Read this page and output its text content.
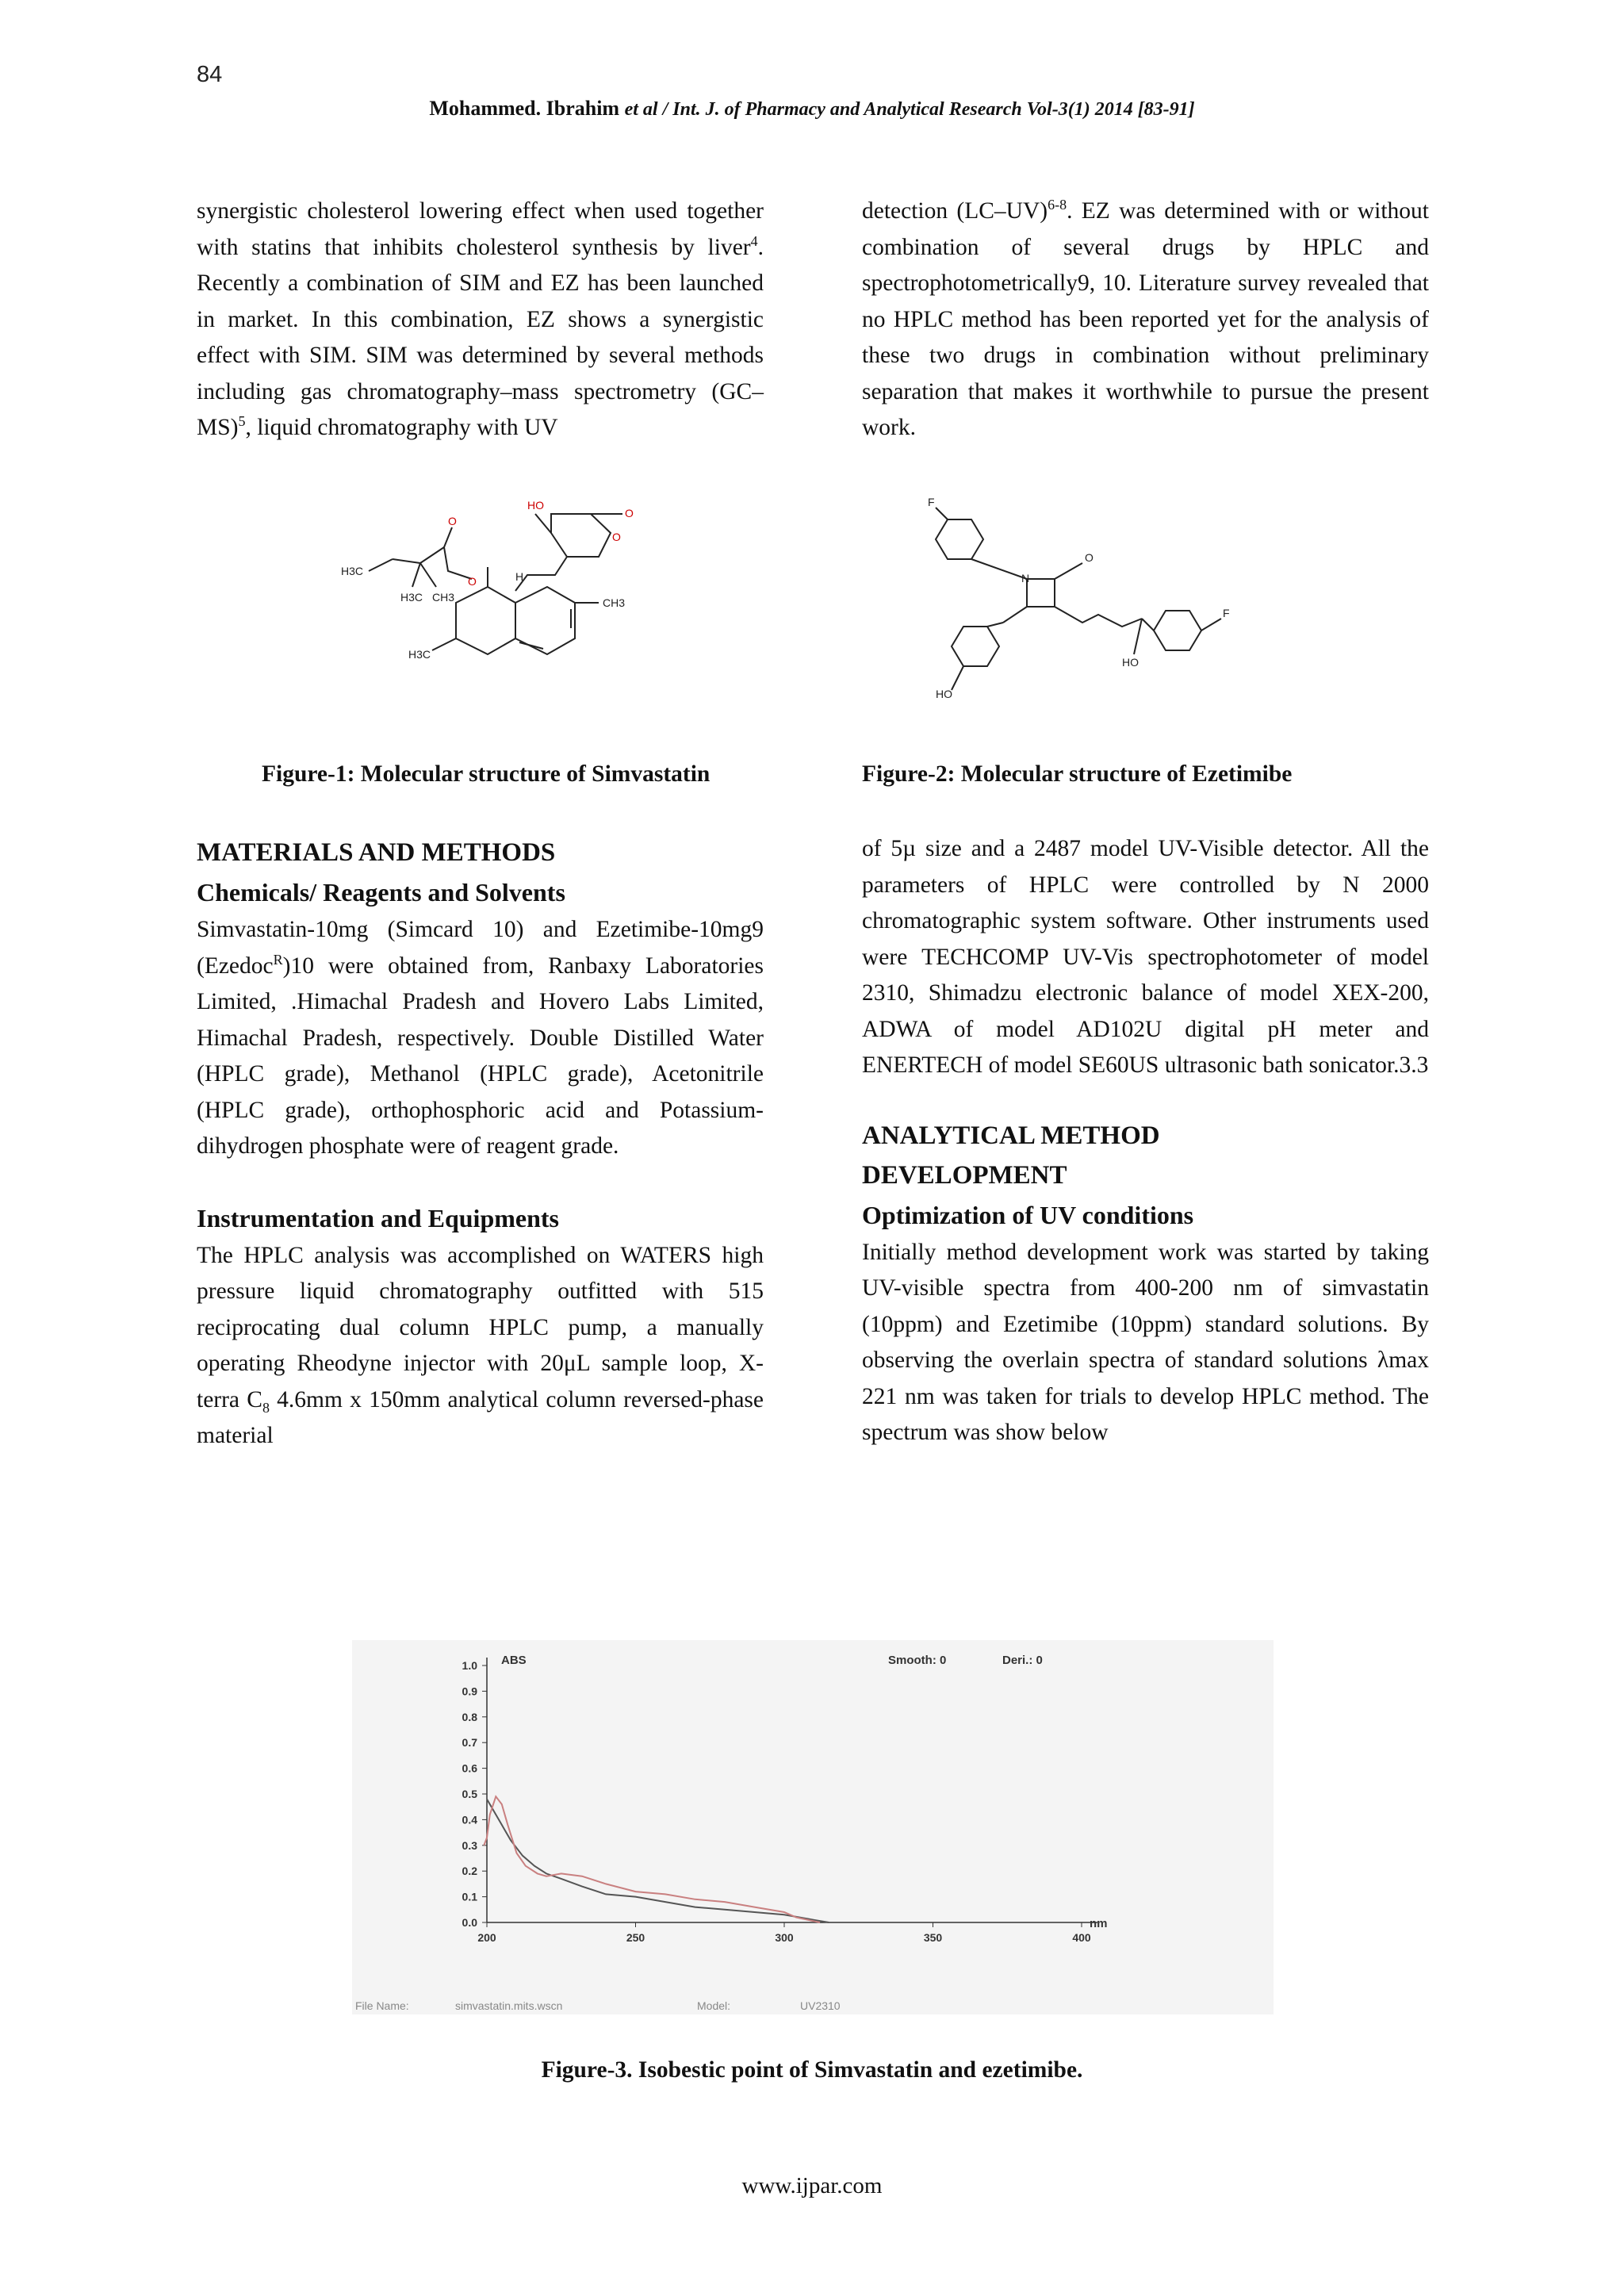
84
Mohammed. Ibrahim et al / Int. J. of Pharmacy and Analytical Research Vol-3(1) 2014 [83-91]

synergistic cholesterol lowering effect when used together with statins that inhibits cholesterol synthesis by liver$^4$. Recently a combination of SIM and EZ has been launched in market. In this combination, EZ shows a synergistic effect with SIM. SIM was determined by several methods including gas chromatography–mass spectrometry $(GC-MS)^5$, liquid chromatography with UV

detection $(LC-UV)^{6-8}$. EZ was determined with or without combination of several drugs by HPLC and spectrophotometrically9, 10. Literature survey revealed that no HPLC method has been reported yet for the analysis of these two drugs in combination without preliminary separation that makes it worthwhile to pursue the present work.

HO
O
O
O
O
H3C
H3C CH3
H
CH3
H3C
F
N
O
F
HO
HO
Figure-1: Molecular structure of Simvastatin	Figure-2: Molecular structure of Ezetimibe
MATERIALS AND METHODS
Chemicals/ Reagents and Solvents

Simvastatin-10mg (Simcard 10) and Ezetimibe-10mg9 (Ezedoc$^R$)10 were obtained from, Ranbaxy Laboratories Limited, .Himachal Pradesh and Hovero Labs Limited, Himachal Pradesh, respectively. Double Distilled Water (HPLC grade), Methanol (HPLC grade), Acetonitrile (HPLC grade), orthophosphoric acid and Potassium-dihydrogen phosphate were of reagent grade.

Instrumentation and Equipments

The HPLC analysis was accomplished on WATERS high pressure liquid chromatography outfitted with 515 reciprocating dual column HPLC pump, a manually operating Rheodyne injector with 20μL sample loop, X-terra $C_8$ 4.6mm x 150mm analytical column reversed-phase material

of 5µ size and a 2487 model UV-Visible detector. All the parameters of HPLC were controlled by N 2000 chromatographic system software. Other instruments used were TECHCOMP UV-Vis spectrophotometer of model 2310, Shimadzu electronic balance of model XEX-200, ADWA of model AD102U digital pH meter and ENERTECH of model SE60US ultrasonic bath sonicator.3.3

ANALYTICAL METHOD
DEVELOPMENT
Optimization of UV conditions

Initially method development work was started by taking UV-visible spectra from 400-200 nm of simvastatin (10ppm) and Ezetimibe (10ppm) standard solutions. By observing the overlain spectra of standard solutions λmax 221 nm was taken for trials to develop HPLC method. The spectrum was show below

0.0
0.1
0.2
0.3
0.4
0.5
0.6
0.7
0.8
0.9
1.0
200	250	300	350	400
ABS
nm
Smooth: 0	Deri.: 0
File Name:	simvastatin.mits.wscn	Model:	UV2310
Figure-3. Isobestic point of Simvastatin and ezetimibe.
www.ijpar.com
